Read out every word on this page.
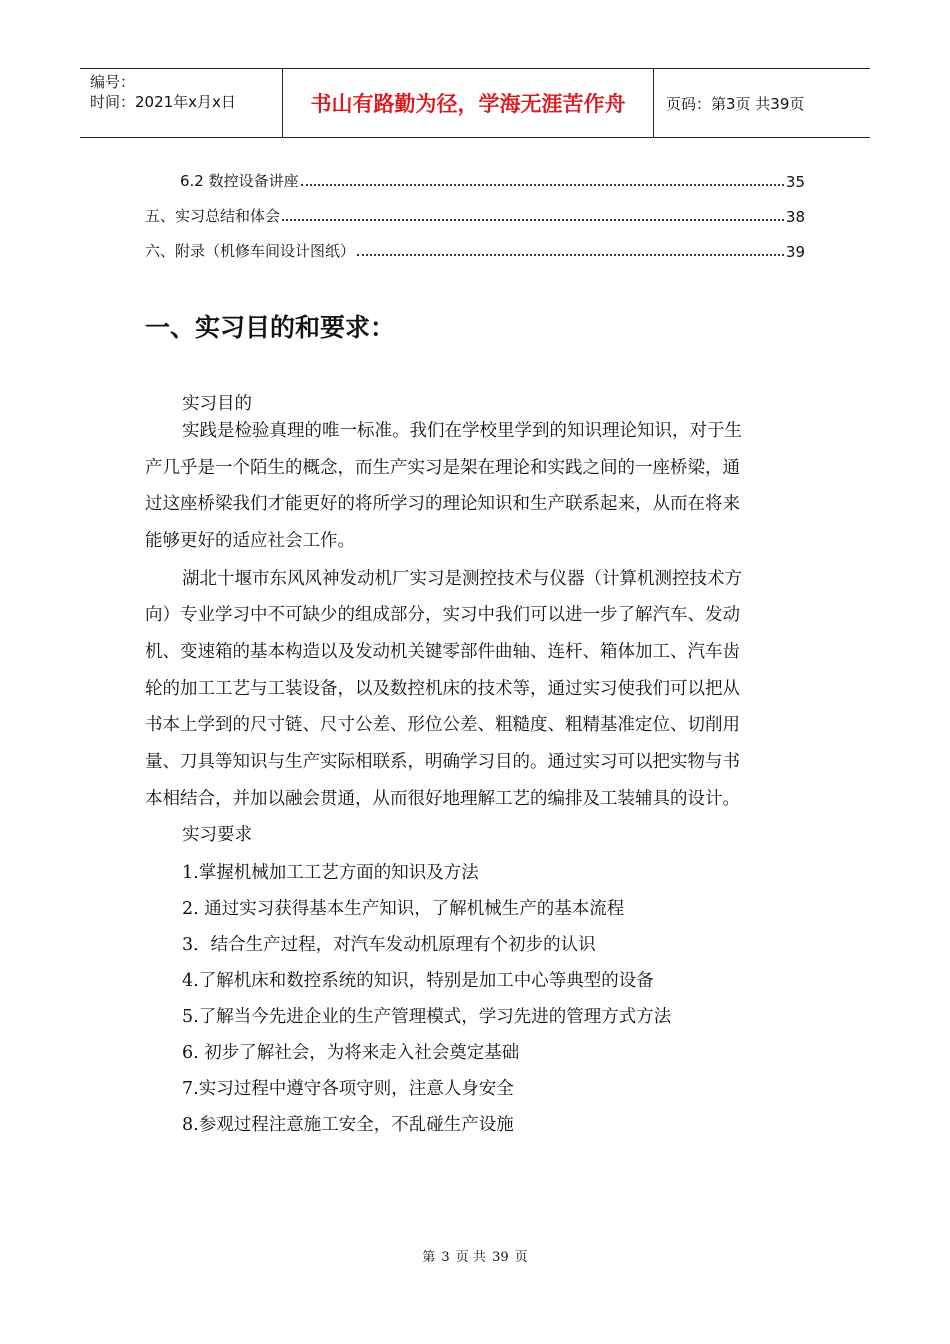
编号：
时间：2021年x月x日	书山有路勤为径，学海无涯苦作舟	页码：第3页 共39页
6.2 数控设备讲座	35
五、实习总结和体会	38
六、附录（机修车间设计图纸）	39
一、实习目的和要求：
实习目的
实践是检验真理的唯一标准。我们在学校里学到的知识理论知识，对于生
产几乎是一个陌生的概念，而生产实习是架在理论和实践之间的一座桥梁，通
过这座桥梁我们才能更好的将所学习的理论知识和生产联系起来，从而在将来
能够更好的适应社会工作。
湖北十堰市东风风神发动机厂实习是测控技术与仪器（计算机测控技术方
向）专业学习中不可缺少的组成部分，实习中我们可以进一步了解汽车、发动
机、变速箱的基本构造以及发动机关键零部件曲轴、连杆、箱体加工、汽车齿
轮的加工工艺与工装设备，以及数控机床的技术等，通过实习使我们可以把从
书本上学到的尺寸链、尺寸公差、形位公差、粗糙度、粗精基准定位、切削用
量、刀具等知识与生产实际相联系，明确学习目的。通过实习可以把实物与书
本相结合，并加以融会贯通，从而很好地理解工艺的编排及工装辅具的设计。
实习要求
1.掌握机械加工工艺方面的知识及方法
2. 通过实习获得基本生产知识，了解机械生产的基本流程
3．结合生产过程，对汽车发动机原理有个初步的认识
4.了解机床和数控系统的知识，特别是加工中心等典型的设备
5.了解当今先进企业的生产管理模式，学习先进的管理方式方法
6. 初步了解社会，为将来走入社会奠定基础
7.实习过程中遵守各项守则，注意人身安全
8.参观过程注意施工安全，不乱碰生产设施
第 3 页 共 39 页
